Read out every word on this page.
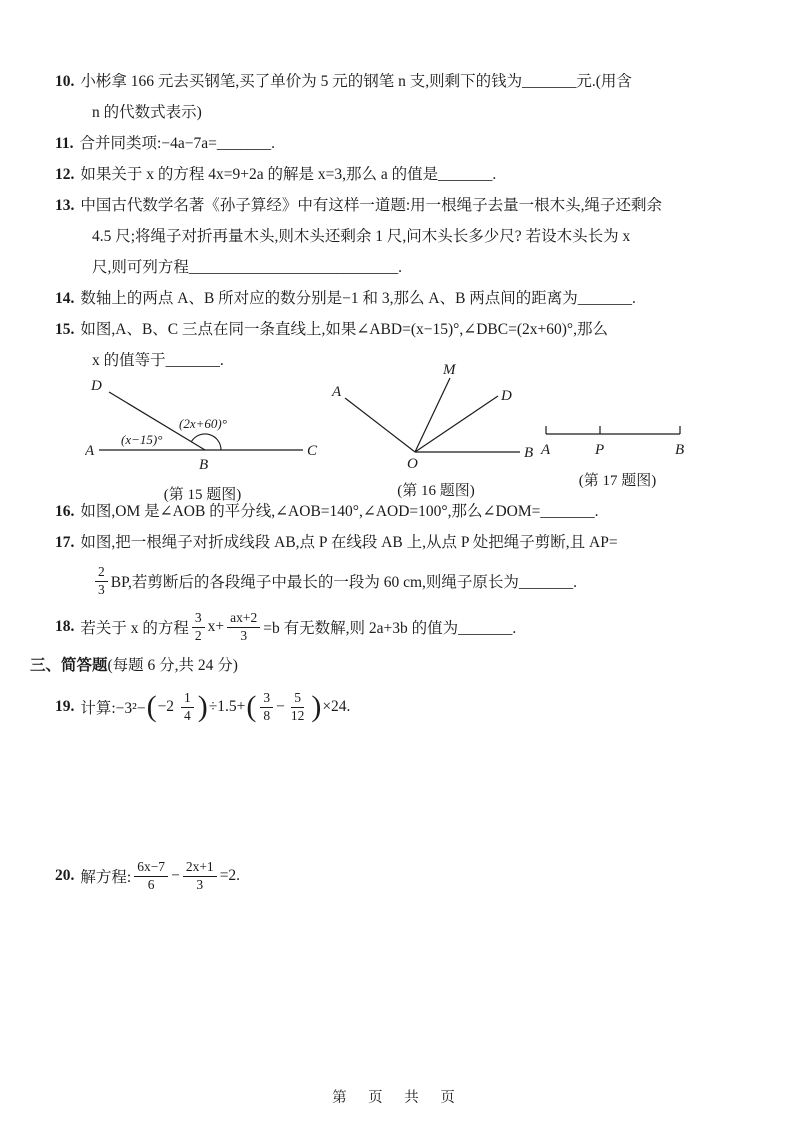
10. 小彬拿 166 元去买钢笔,买了单价为 5 元的钢笔 n 支,则剩下的钱为_______元.(用含
n 的代数式表示)
11. 合并同类项:−4a−7a=_______.
12. 如果关于 x 的方程 4x=9+2a 的解是 x=3,那么 a 的值是_______.
13. 中国古代数学名著《孙子算经》中有这样一道题:用一根绳子去量一根木头,绳子还剩余
4.5 尺;将绳子对折再量木头,则木头还剩余 1 尺,问木头长多少尺? 若设木头长为 x
尺,则可列方程___________________________.
14. 数轴上的两点 A、B 所对应的数分别是−1 和 3,那么 A、B 两点间的距离为_______.
15. 如图,A、B、C 三点在同一条直线上,如果∠ABD=(x−15)°,∠DBC=(2x+60)°,那么
x 的值等于_______.
A
B
C
D
(x−15)°
(2x+60)°
(第 15 题图)
A
M
D
O
B
(第 16 题图)
A	P	B
(第 17 题图)
16. 如图,OM 是∠AOB 的平分线,∠AOB=140°,∠AOD=100°,那么∠DOM=_______.
17. 如图,把一根绳子对折成线段 AB,点 P 在线段 AB 上,从点 P 处把绳子剪断,且 AP=
$\frac{2}{3}$ BP,若剪断后的各段绳子中最长的一段为 60 cm,则绳子原长为_______.
18. 若关于 x 的方程 $\frac{3}{2} x+ \frac{ax+2}{3} =b$ 有无数解,则 2a+3b 的值为_______.
三、简答题(每题 6 分,共 24 分)
19. 计算:−3²− ( $-2 \frac{1}{4}$ ) ÷1.5+ ( $\frac{3}{8} - \frac{5}{12}$ ) ×24.
20. 解方程: $\frac{6x-7}{6} - \frac{2x+1}{3} =2$.
第 页 共 页
